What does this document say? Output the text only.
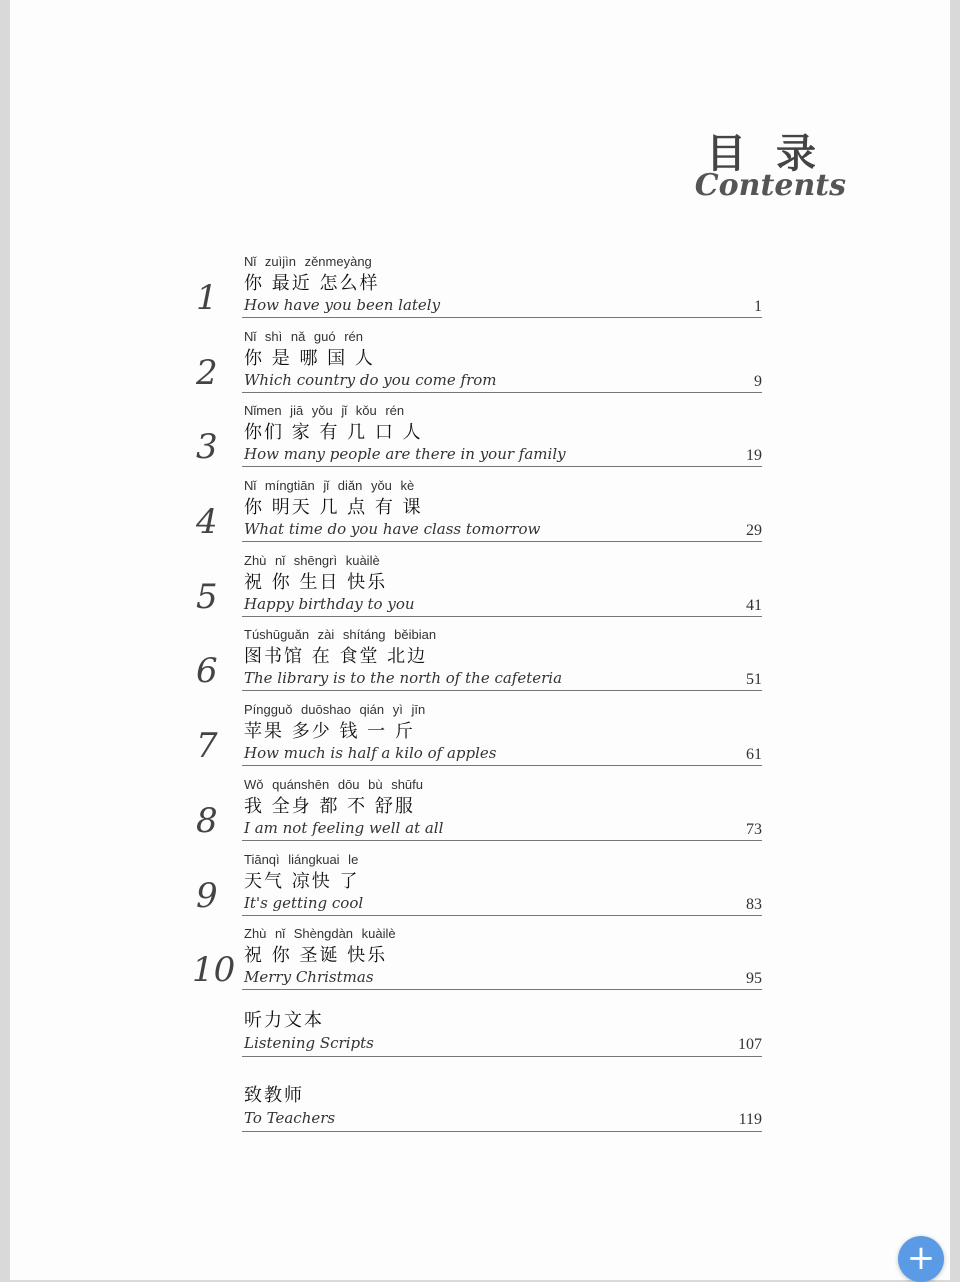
目录
Contents
1
Nǐ zuìjìn zěnmeyàng
你 最近 怎么样
How have you been lately	1
2
Nǐ shì nǎ guó rén
你 是 哪 国 人
Which country do you come from	9
3
Nǐmen jiā yǒu jǐ kǒu rén
你们 家 有 几 口 人
How many people are there in your family	19
4
Nǐ míngtiān jǐ diǎn yǒu kè
你 明天 几 点 有 课
What time do you have class tomorrow	29
5
Zhù nǐ shēngrì kuàilè
祝 你 生日 快乐
Happy birthday to you	41
6
Túshūguǎn zài shítáng běibian
图书馆 在 食堂 北边
The library is to the north of the cafeteria	51
7
Píngguǒ duōshao qián yì jīn
苹果 多少 钱 一 斤
How much is half a kilo of apples	61
8
Wǒ quánshēn dōu bù shūfu
我 全身 都 不 舒服
I am not feeling well at all	73
9
Tiānqì liángkuai le
天气 凉快 了
It's getting cool	83
10
Zhù nǐ Shèngdàn kuàilè
祝 你 圣诞 快乐
Merry Christmas	95
听力文本
Listening Scripts	107
致教师
To Teachers	119
+
